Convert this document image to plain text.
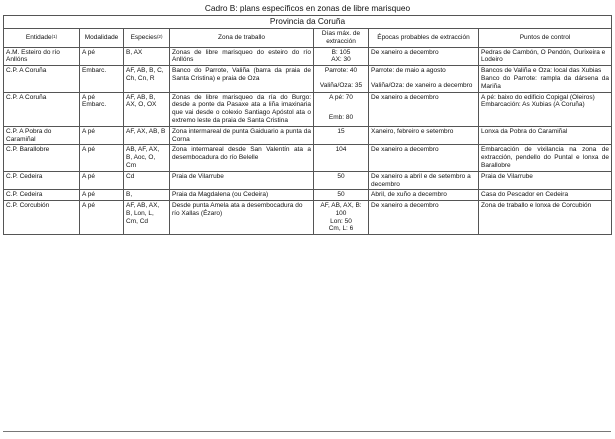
Cadro B: plans específicos en zonas de libre marisqueo
Provincia da Coruña						
Entidade$^{(1)}$	Modalidade	Especies$^{(2)}$	Zona de traballo	Días máx. de extracción	Épocas probables de extracción	Puntos de control
A.M. Esteiro do río Anllóns	A pé	B, AX	Zonas de libre marisqueo do esteiro do río Anllóns	B: 105
AX: 30	De xaneiro a decembro	Pedras de Cambón, O Pendón, Ourixeira e Lodeiro
C.P. A Coruña	Embarc.	AF, AB, B, C, Ch, Cn, R	Banco do Parrote, Valiña (barra da praia de Santa Cristina) e praia de Oza	Parrote: 40
Valiña/Oza: 35	Parrote: de maio a agosto
Valiña/Oza: de xaneiro a decembro	Bancos de Valiña e Oza: local das Xubias
Banco do Parrote: rampla da dársena da Mariña

C.P. A Coruña	A pé
Embarc.	AF, AB, B, AX, O, OX	Zonas de libre marisqueo da ría do Burgo: desde a ponte da Pasaxe ata a liña imaxinaria que vai desde o colexio Santiago Apóstol ata o extremo leste da praia de Santa Cristina	A pé: 70
Emb: 80	De xaneiro a decembro	A pé: baixo do edificio Copigal (Oleiros)
Embarcación: As Xubias (A Coruña)

C.P. A Pobra do Caramiñal	A pé	AF, AX, AB, B	Zona intermareal de punta Gaiduario a punta da Corna	15	Xaneiro, febreiro e setembro	Lonxa da Pobra do Caramiñal
C.P. Barallobre	A pé	AB, AF, AX, B, Aoc, O, Cm	Zona intermareal desde San Valentín ata a desembocadura do río Belelle	104	De xaneiro a decembro	Embarcación de vixilancia na zona de extracción, pendello do Puntal e lonxa de Barallobre
C.P. Cedeira	A pé	Cd	Praia de Vilarrube	50	De xaneiro a abril e de setembro a decembro	Praia de Vilarrube
C.P. Cedeira	A pé	B,	Praia da Magdalena (ou Cedeira)	50	Abril, de xuño a decembro	Casa do Pescador en Cedeira
C.P. Corcubión	A pé	AF, AB, AX, B, Lon, L, Cm, Cd	Desde punta Amela ata a desembocadura do río Xallas (Ézaro)	AF, AB, AX, B: 100
Lon: 50
Cm, L: 6	De xaneiro a decembro	Zona de traballo e lonxa de Corcubión
